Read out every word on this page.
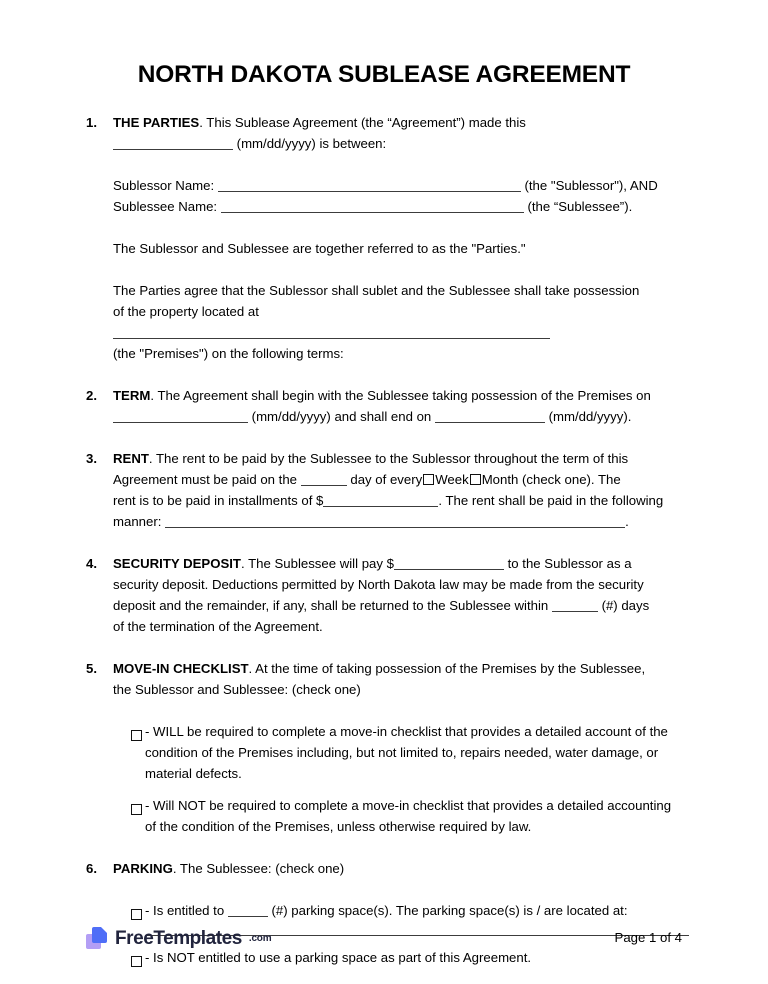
NORTH DAKOTA SUBLEASE AGREEMENT
1.	THE PARTIES. This Sublease Agreement (the “Agreement”) made this
(mm/dd/yyyy) is between:
Sublessor Name:	(the "Sublessor"), AND
Sublessee Name:	(the “Sublessee”).
The Sublessor and Sublessee are together referred to as the "Parties."
The Parties agree that the Sublessor shall sublet and the Sublessee shall take possession
of the property located at
(the "Premises") on the following terms:
2.	TERM. The Agreement shall begin with the Sublessee taking possession of the Premises on
(mm/dd/yyyy) and shall end on	(mm/dd/yyyy).
3.	RENT. The rent to be paid by the Sublessee to the Sublessor throughout the term of this
Agreement must be paid on the	day of every Week Month (check one). The
rent is to be paid in installments of $	. The rent shall be paid in the following
manner:	.
4.	SECURITY DEPOSIT. The Sublessee will pay $	to the Sublessor as a
security deposit. Deductions permitted by North Dakota law may be made from the security
deposit and the remainder, if any, shall be returned to the Sublessee within	(#) days
of the termination of the Agreement.
5.	MOVE-IN CHECKLIST. At the time of taking possession of the Premises by the Sublessee,
the Sublessor and Sublessee: (check one)
- WILL be required to complete a move-in checklist that provides a detailed account of the condition of the Premises including, but not limited to, repairs needed, water damage, or material defects.
- Will NOT be required to complete a move-in checklist that provides a detailed accounting of the condition of the Premises, unless otherwise required by law.
6.	PARKING. The Sublessee: (check one)
- Is entitled to	(#) parking space(s). The parking space(s) is / are located at:

- Is NOT entitled to use a parking space as part of this Agreement.
FreeTemplates .com	Page 1 of 4
